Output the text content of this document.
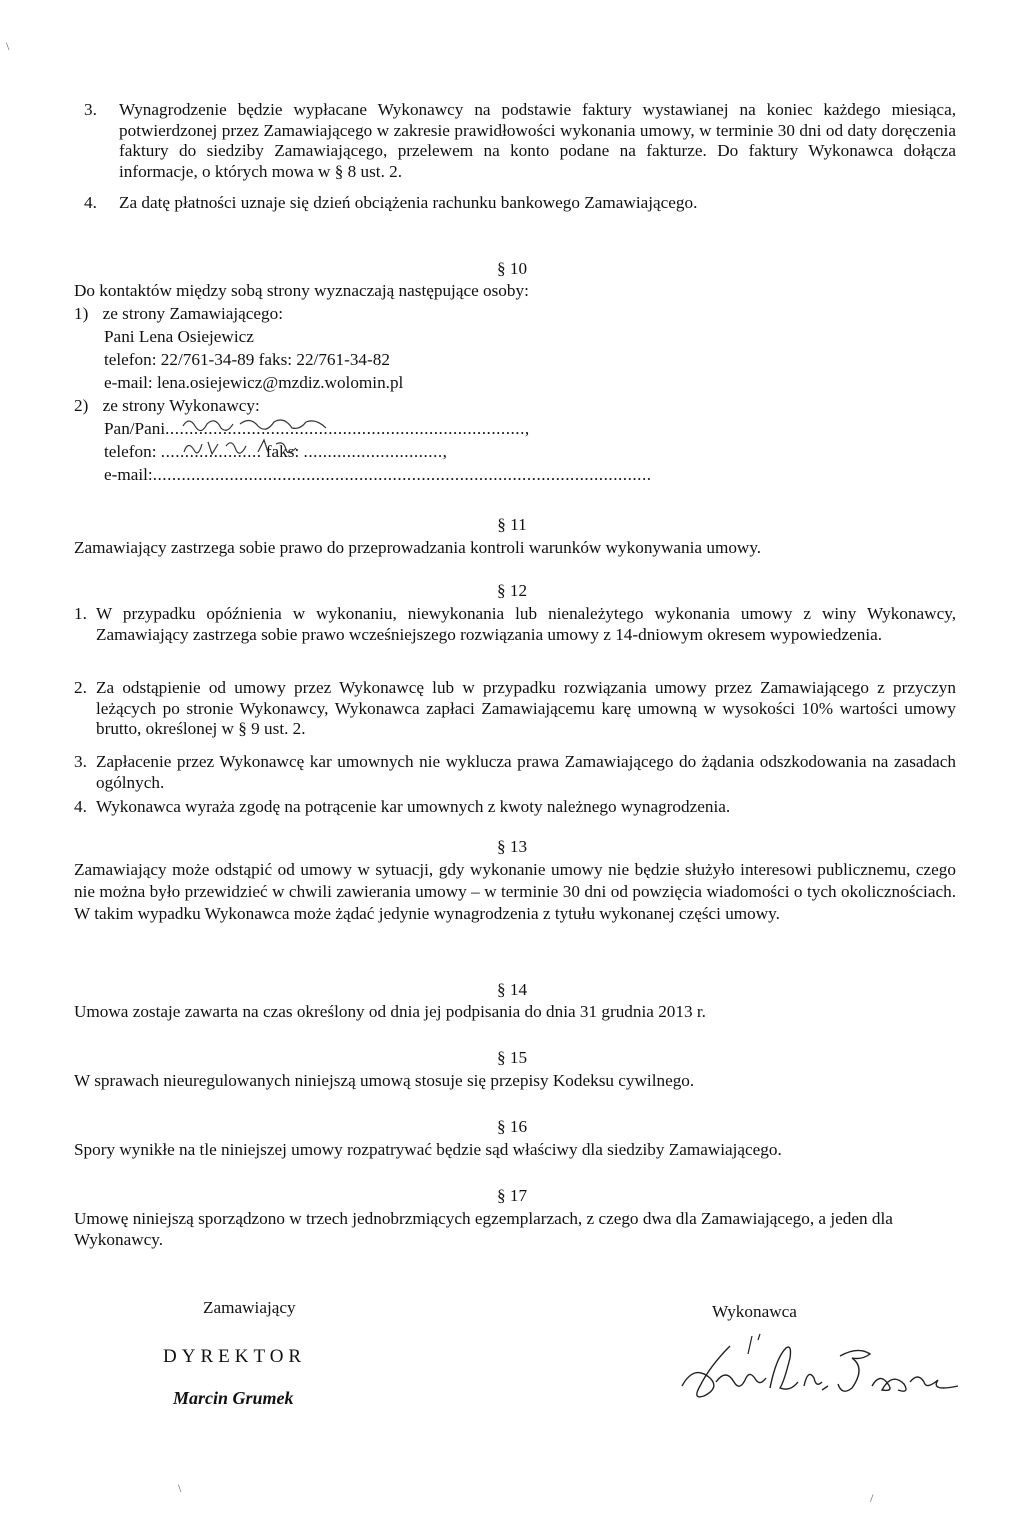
\
3. Wynagrodzenie będzie wypłacane Wykonawcy na podstawie faktury wystawianej na koniec każdego miesiąca, potwierdzonej przez Zamawiającego w zakresie prawidłowości wykonania umowy, w terminie 30 dni od daty doręczenia faktury do siedziby Zamawiającego, przelewem na konto podane na fakturze. Do faktury Wykonawca dołącza informacje, o których mowa w § 8 ust. 2.
4. Za datę płatności uznaje się dzień obciążenia rachunku bankowego Zamawiającego.
§ 10
Do kontaktów między sobą strony wyznaczają następujące osoby:
1) ze strony Zamawiającego:
Pani Lena Osiejewicz
telefon: 22/761-34-89 faks: 22/761-34-82
e-mail: lena.osiejewicz@mzdiz.wolomin.pl
2) ze strony Wykonawcy:
Pan/Pani...........................................................................,
telefon: ..................... faks: .............................,
e-mail:........................................................................................................
§ 11
Zamawiający zastrzega sobie prawo do przeprowadzania kontroli warunków wykonywania umowy.
§ 12
1. W przypadku opóźnienia w wykonaniu, niewykonania lub nienależytego wykonania umowy z winy Wykonawcy, Zamawiający zastrzega sobie prawo wcześniejszego rozwiązania umowy z 14-dniowym okresem wypowiedzenia.
2. Za odstąpienie od umowy przez Wykonawcę lub w przypadku rozwiązania umowy przez Zamawiającego z przyczyn leżących po stronie Wykonawcy, Wykonawca zapłaci Zamawiającemu karę umowną w wysokości 10% wartości umowy brutto, określonej w § 9 ust. 2.
3. Zapłacenie przez Wykonawcę kar umownych nie wyklucza prawa Zamawiającego do żądania odszkodowania na zasadach ogólnych.
4. Wykonawca wyraża zgodę na potrącenie kar umownych z kwoty należnego wynagrodzenia.
§ 13
Zamawiający może odstąpić od umowy w sytuacji, gdy wykonanie umowy nie będzie służyło interesowi publicznemu, czego nie można było przewidzieć w chwili zawierania umowy – w terminie 30 dni od powzięcia wiadomości o tych okolicznościach. W takim wypadku Wykonawca może żądać jedynie wynagrodzenia z tytułu wykonanej części umowy.
§ 14
Umowa zostaje zawarta na czas określony od dnia jej podpisania do dnia 31 grudnia 2013 r.
§ 15
W sprawach nieuregulowanych niniejszą umową stosuje się przepisy Kodeksu cywilnego.
§ 16
Spory wynikłe na tle niniejszej umowy rozpatrywać będzie sąd właściwy dla siedziby Zamawiającego.
§ 17
Umowę niniejszą sporządzono w trzech jednobrzmiących egzemplarzach, z czego dwa dla Zamawiającego, a jeden dla Wykonawcy.
Zamawiający	Wykonawca
DYREKTOR
Marcin Grumek
/
\
